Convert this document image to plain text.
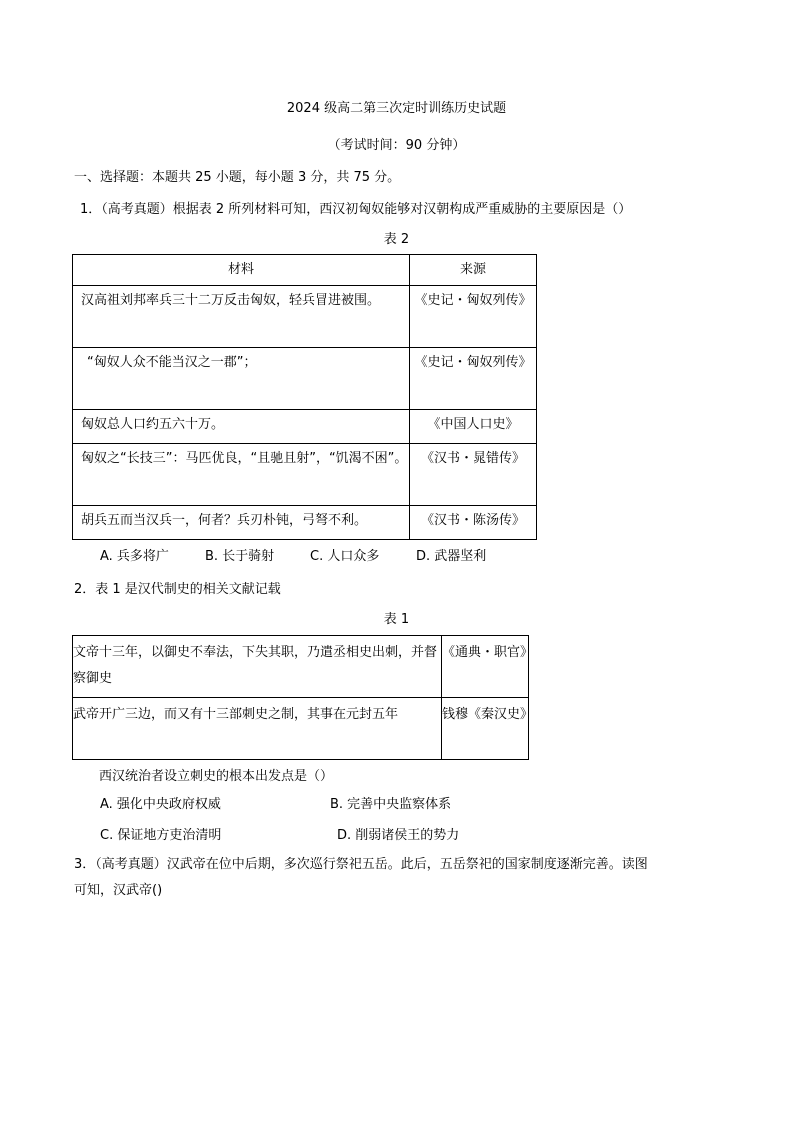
2024 级高二第三次定时训练历史试题
（考试时间：90 分钟）
一、选择题：本题共 25 小题，每小题 3 分，共 75 分。
1．（高考真题）根据表 2 所列材料可知，西汉初匈奴能够对汉朝构成严重威胁的主要原因是（）
表 2
材料	来源
汉高祖刘邦率兵三十二万反击匈奴，轻兵冒进被围。	《史记・匈奴列传》
“匈奴人众不能当汉之一郡”；	《史记・匈奴列传》
匈奴总人口约五六十万。	《中国人口史》
匈奴之“长技三”：马匹优良，“且驰且射”，“饥渴不困”。	《汉书・晁错传》
胡兵五而当汉兵一，何者？兵刃朴钝，弓弩不利。	《汉书・陈汤传》
A. 兵多将广	B. 长于骑射	C. 人口众多	D. 武器坚利
2．表 1 是汉代制史的相关文献记载
表 1
文帝十三年，以御史不奉法，下失其职，乃遣丞相史出刺，并督察御史	《通典・职官》
武帝开广三边，而又有十三部刺史之制，其事在元封五年	钱穆《秦汉史》
西汉统治者设立刺史的根本出发点是（）
A. 强化中央政府权威	B. 完善中央监察体系
C. 保证地方吏治清明	D. 削弱诸侯王的势力
3．（高考真题）汉武帝在位中后期，多次巡行祭祀五岳。此后，五岳祭祀的国家制度逐渐完善。读图
可知，汉武帝()
